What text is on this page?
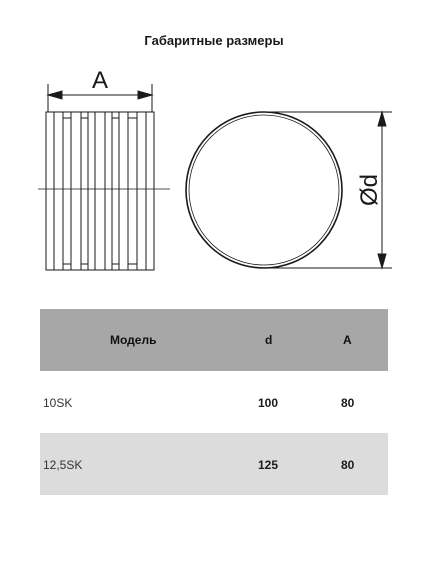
Габаритные размеры
A
Ød
Модель	d	A
10SK	100	80
12,5SK	125	80
